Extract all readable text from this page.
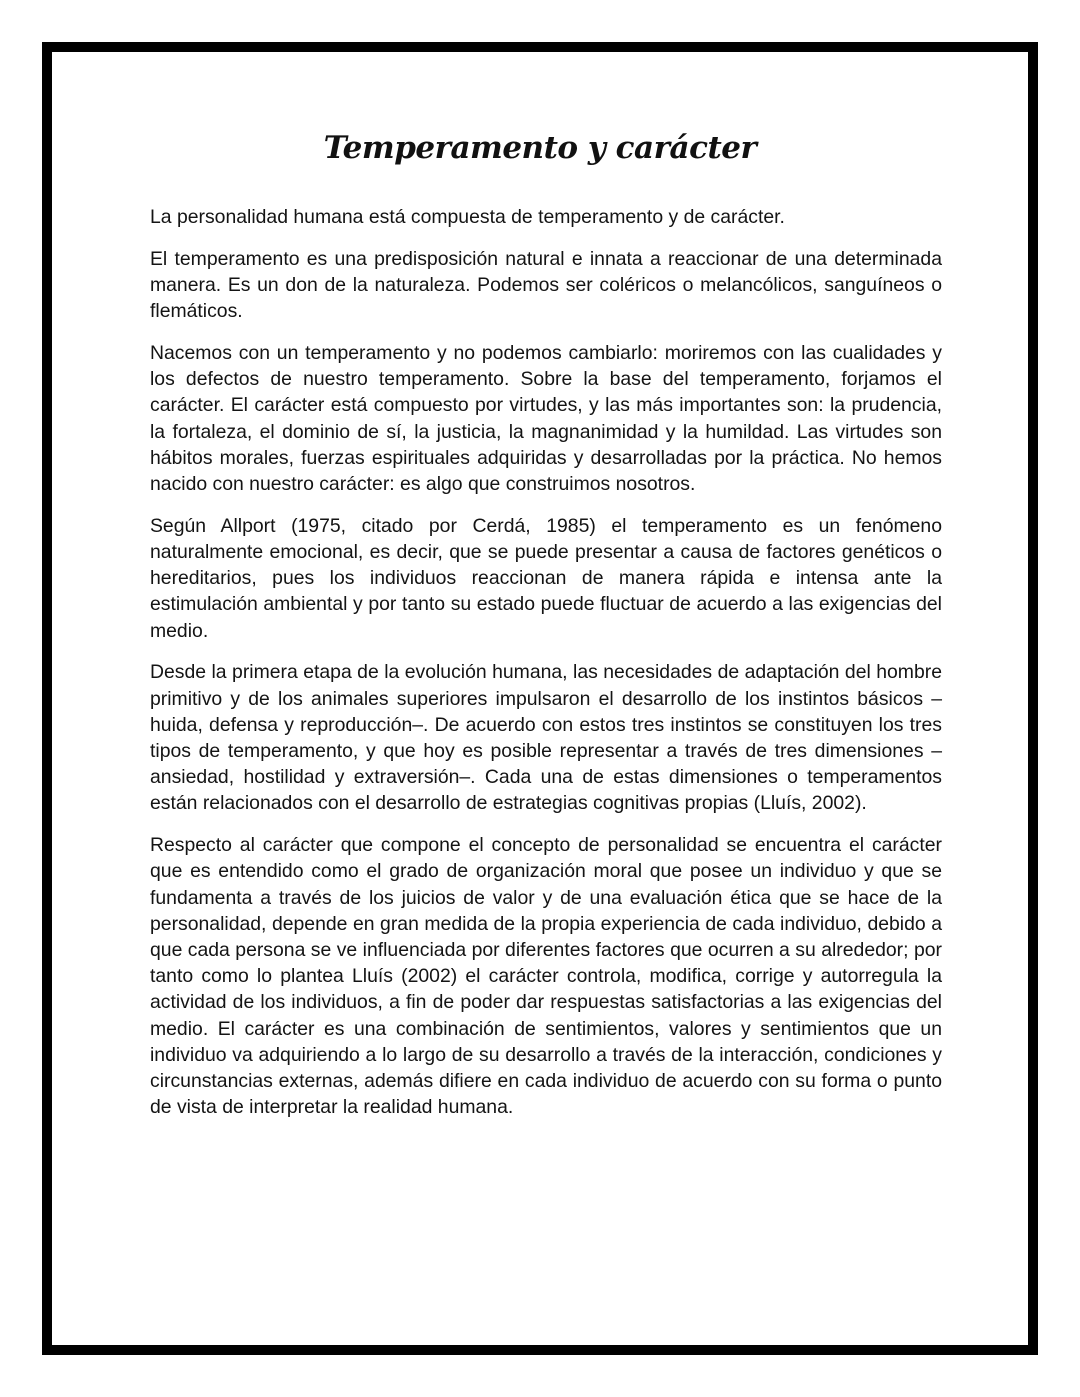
Temperamento y carácter

La personalidad humana está compuesta de temperamento y de carácter.

El temperamento es una predisposición natural e innata a reaccionar de una determinada manera. Es un don de la naturaleza. Podemos ser coléricos o melancólicos, sanguíneos o flemáticos.

Nacemos con un temperamento y no podemos cambiarlo: moriremos con las cualidades y los defectos de nuestro temperamento. Sobre la base del temperamento, forjamos el carácter. El carácter está compuesto por virtudes, y las más importantes son: la prudencia, la fortaleza, el dominio de sí, la justicia, la magnanimidad y la humildad. Las virtudes son hábitos morales, fuerzas espirituales adquiridas y desarrolladas por la práctica. No hemos nacido con nuestro carácter: es algo que construimos nosotros.

Según Allport (1975, citado por Cerdá, 1985) el temperamento es un fenómeno naturalmente emocional, es decir, que se puede presentar a causa de factores genéticos o hereditarios, pues los individuos reaccionan de manera rápida e intensa ante la estimulación ambiental y por tanto su estado puede fluctuar de acuerdo a las exigencias del medio.

Desde la primera etapa de la evolución humana, las necesidades de adaptación del hombre primitivo y de los animales superiores impulsaron el desarrollo de los instintos básicos –huida, defensa y reproducción–. De acuerdo con estos tres instintos se constituyen los tres tipos de temperamento, y que hoy es posible representar a través de tres dimensiones –ansiedad, hostilidad y extraversión–. Cada una de estas dimensiones o temperamentos están relacionados con el desarrollo de estrategias cognitivas propias (Lluís, 2002).

Respecto al carácter que compone el concepto de personalidad se encuentra el carácter que es entendido como el grado de organización moral que posee un individuo y que se fundamenta a través de los juicios de valor y de una evaluación ética que se hace de la personalidad, depende en gran medida de la propia experiencia de cada individuo, debido a que cada persona se ve influenciada por diferentes factores que ocurren a su alrededor; por tanto como lo plantea Lluís (2002) el carácter controla, modifica, corrige y autorregula la actividad de los individuos, a fin de poder dar respuestas satisfactorias a las exigencias del medio. El carácter es una combinación de sentimientos, valores y sentimientos que un individuo va adquiriendo a lo largo de su desarrollo a través de la interacción, condiciones y circunstancias externas, además difiere en cada individuo de acuerdo con su forma o punto de vista de interpretar la realidad humana.
